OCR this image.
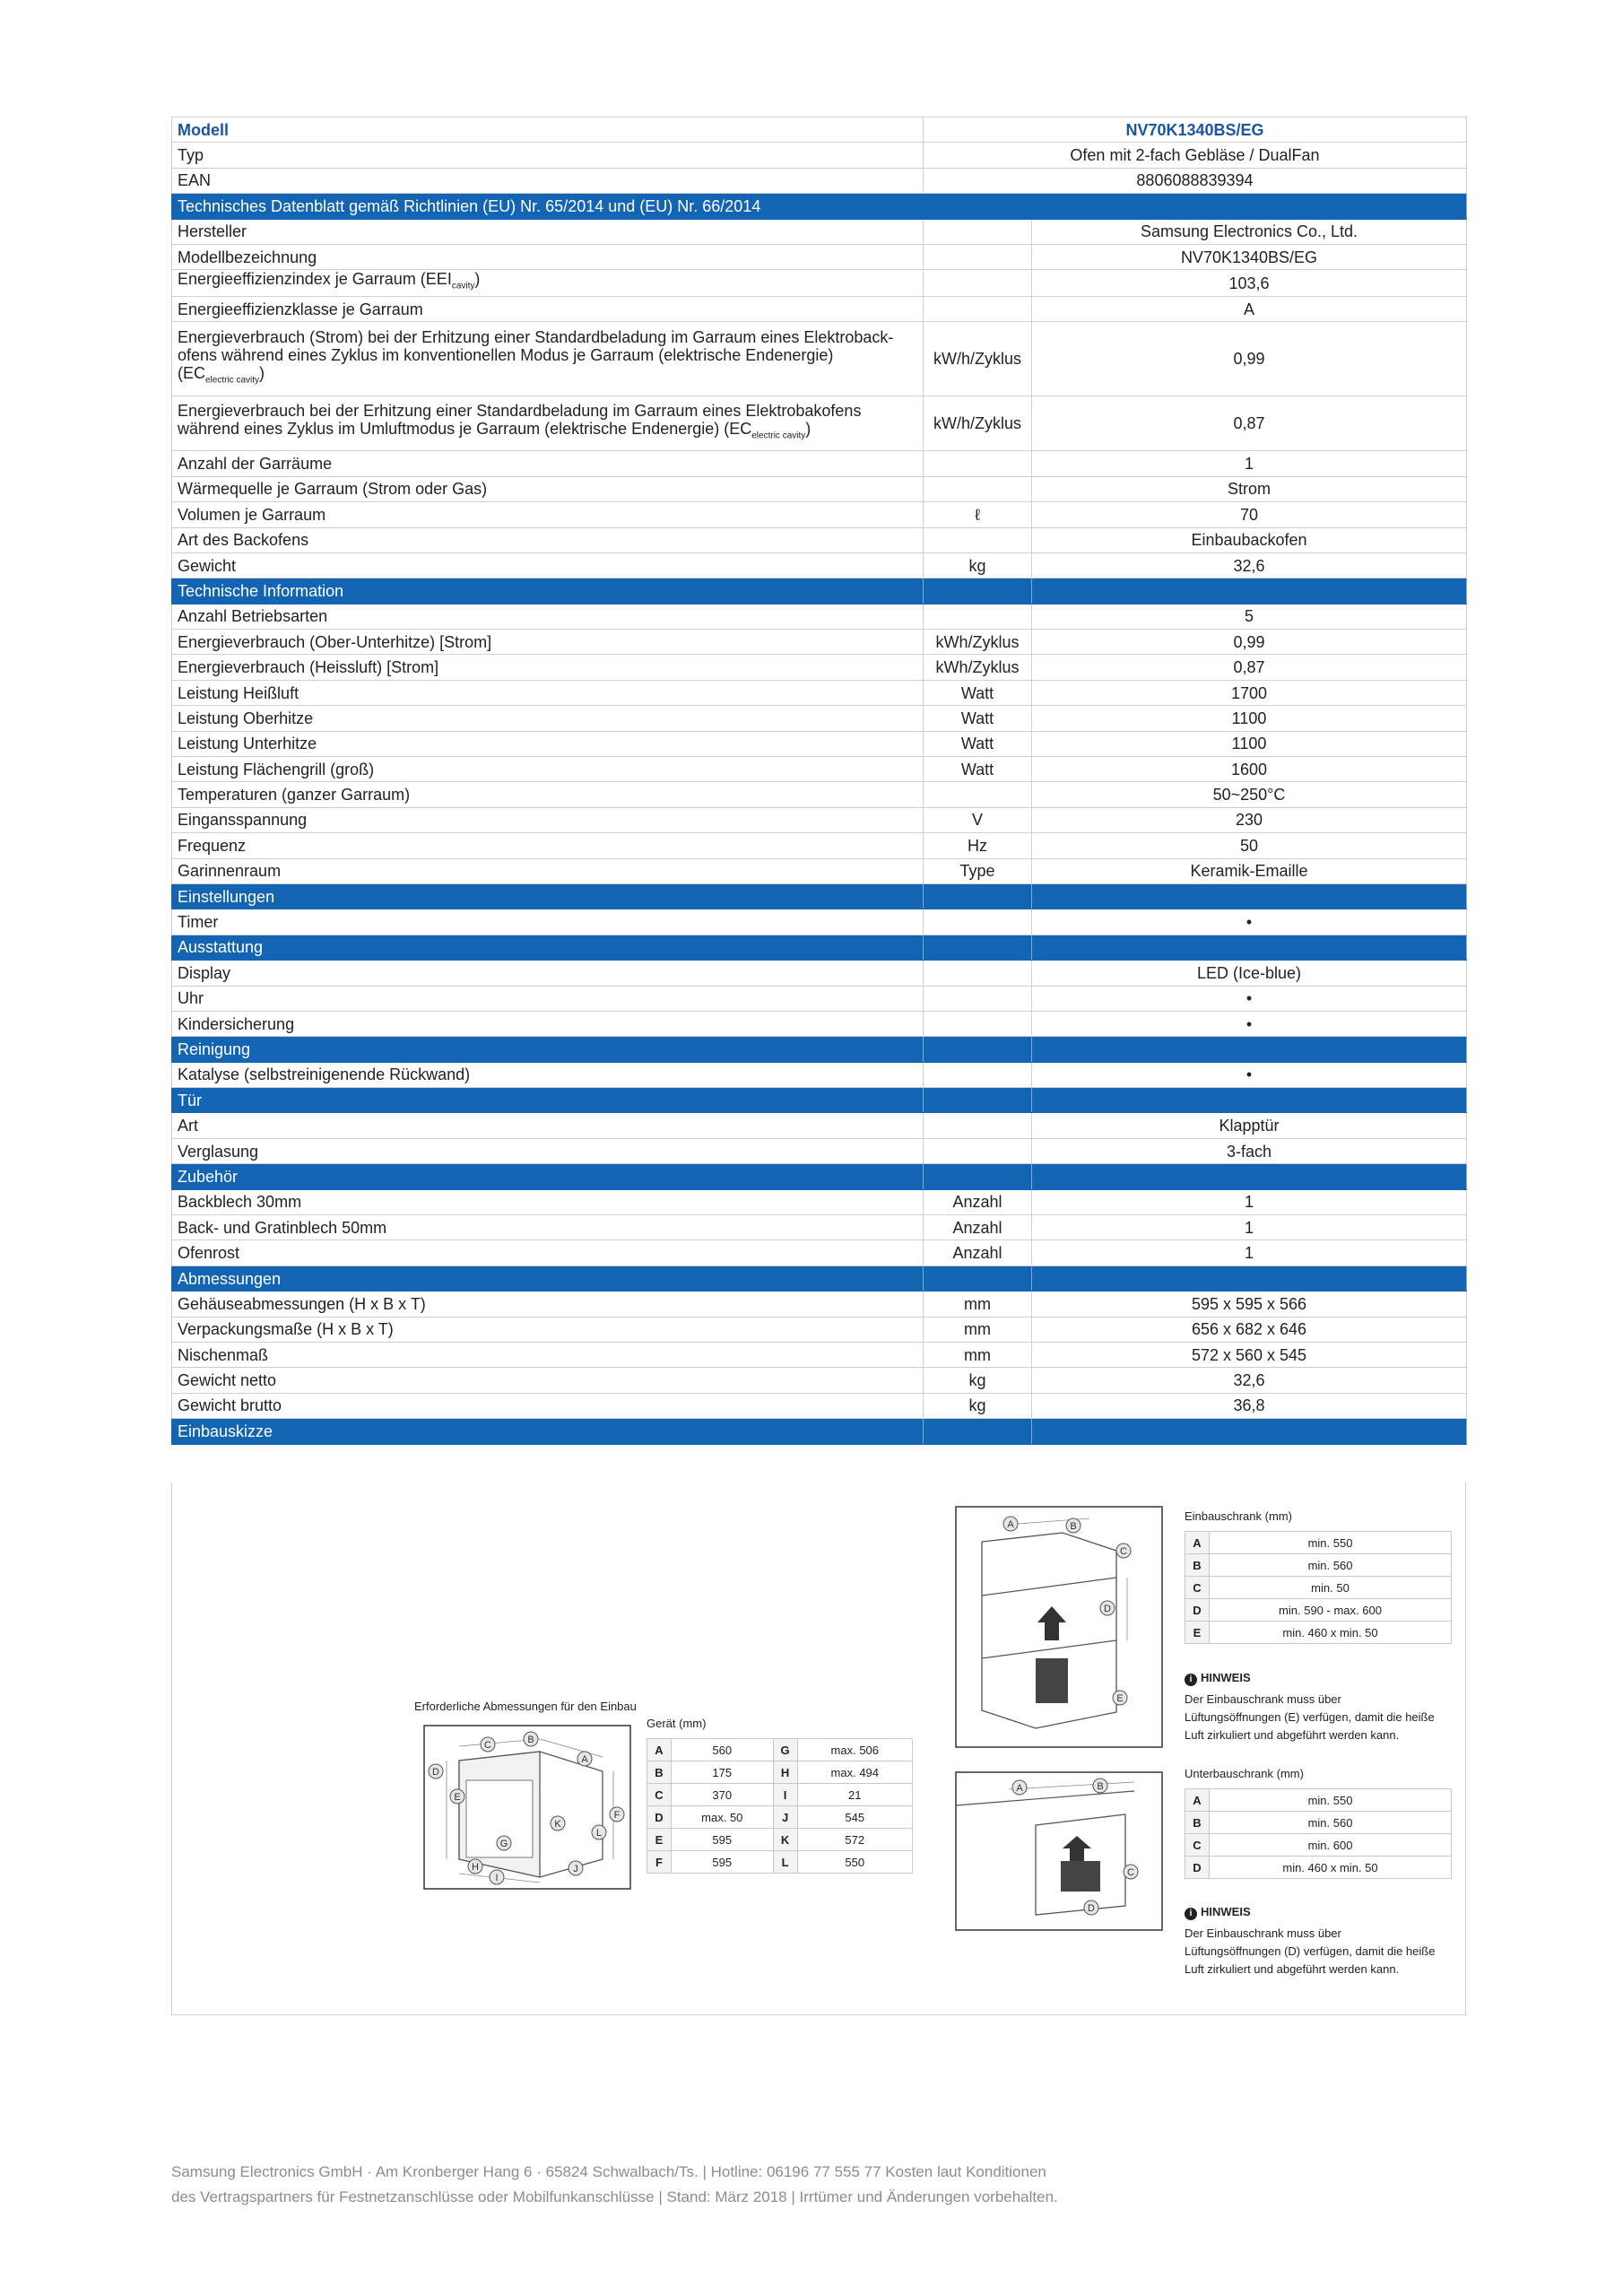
Modell	NV70K1340BS/EG	
Typ	Ofen mit 2-fach Gebläse / DualFan	
EAN	8806088839394	
Technisches Datenblatt gemäß Richtlinien (EU) Nr. 65/2014 und (EU) Nr. 66/2014		
Hersteller		Samsung Electronics Co., Ltd.
Modellbezeichnung		NV70K1340BS/EG
Energieeffizienzindex je Garraum $(EEI_{cavity})$		103,6
Energieeffizienzklasse je Garraum		A

Energieverbrauch (Strom) bei der Erhitzung einer Standardbeladung im Garraum eines Elektroback-
ofens während eines Zyklus im konventionellen Modus je Garraum (elektrische Endenergie)
$(EC_{electric cavity})$	kW/h/Zyklus	0,99

Energieverbrauch bei der Erhitzung einer Standardbeladung im Garraum eines Elektrobakofens
während eines Zyklus im Umluftmodus je Garraum (elektrische Endenergie) $(EC_{electric cavity})$	kW/h/Zyklus	0,87
Anzahl der Garräume		1
Wärmequelle je Garraum (Strom oder Gas)		Strom
Volumen je Garraum	ℓ	70
Art des Backofens		Einbaubackofen
Gewicht	kg	32,6
Technische Information		
Anzahl Betriebsarten		5
Energieverbrauch (Ober-Unterhitze) [Strom]	kWh/Zyklus	0,99
Energieverbrauch (Heissluft) [Strom]	kWh/Zyklus	0,87
Leistung Heißluft	Watt	1700
Leistung Oberhitze	Watt	1100
Leistung Unterhitze	Watt	1100
Leistung Flächengrill (groß)	Watt	1600
Temperaturen (ganzer Garraum)		50~250°C
Eingansspannung	V	230
Frequenz	Hz	50
Garinnenraum	Type	Keramik-Emaille
Einstellungen		
Timer		•
Ausstattung		
Display		LED (Ice-blue)
Uhr		•
Kindersicherung		•
Reinigung		
Katalyse (selbstreinigenende Rückwand)		•
Tür		
Art		Klapptür
Verglasung		3-fach
Zubehör		
Backblech 30mm	Anzahl	1
Back- und Gratinblech 50mm	Anzahl	1
Ofenrost	Anzahl	1
Abmessungen		
Gehäuseabmessungen (H x B x T)	mm	595 x 595 x 566
Verpackungsmaße (H x B x T)	mm	656 x 682 x 646
Nischenmaß	mm	572 x 560 x 545
Gewicht netto	kg	32,6
Gewicht brutto	kg	36,8
Einbauskizze		
Erforderliche Abmessungen für den Einbau
A
B
C
D
E
F
G
H
I
J
K
L
Gerät (mm)
A	560	G	max. 506
B	175	H	max. 494
C	370	I	21
D	max. 50	J	545
E	595	K	572
F	595	L	550
A	B
C
D
E
Einbauschrank (mm)
A	min. 550
B	min. 560
C	min. 50
D	min. 590 - max. 600
E	min. 460 x min. 50
i HINWEIS
Der Einbauschrank muss über
Lüftungsöffnungen (E) verfügen, damit die heiße
Luft zirkuliert und abgeführt werden kann.
A	B
C
D
Unterbauschrank (mm)
A	min. 550
B	min. 560
C	min. 600
D	min. 460 x min. 50
i HINWEIS
Der Einbauschrank muss über
Lüftungsöffnungen (D) verfügen, damit die heiße
Luft zirkuliert und abgeführt werden kann.
Samsung Electronics GmbH · Am Kronberger Hang 6 · 65824 Schwalbach/Ts. | Hotline: 06196 77 555 77 Kosten laut Konditionen
des Vertragspartners für Festnetzanschlüsse oder Mobilfunkanschlüsse | Stand: März 2018 | Irrtümer und Änderungen vorbehalten.
